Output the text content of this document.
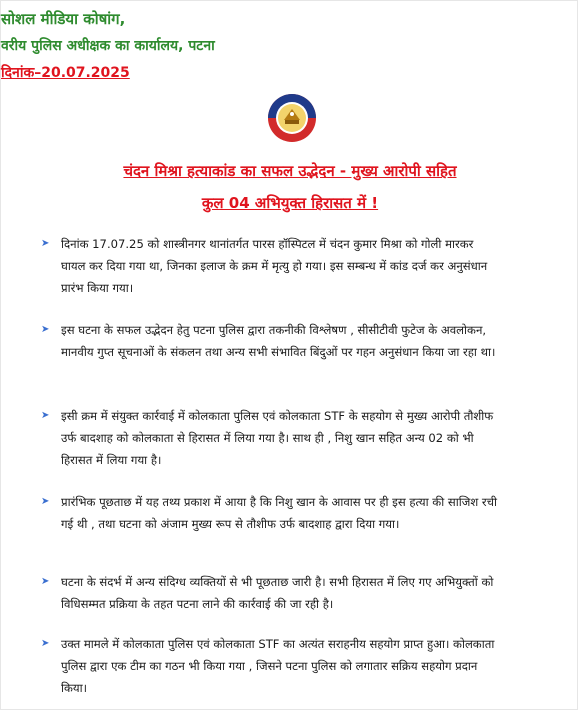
सोशल मीडिया कोषांग,
वरीय पुलिस अधीक्षक का कार्यालय, पटना
दिनांक–20.07.2025
चंदन मिश्रा हत्याकांड का सफल उद्भेदन - मुख्य आरोपी सहित
कुल 04 अभियुक्त हिरासत में !
➤ दिनांक 17.07.25 को शास्त्रीनगर थानांतर्गत पारस हॉस्पिटल में चंदन कुमार मिश्रा को गोली मारकर घायल कर दिया गया था, जिनका इलाज के क्रम में मृत्यु हो गया। इस सम्बन्ध में कांड दर्ज कर अनुसंधान प्रारंभ किया गया।
➤ इस घटना के सफल उद्भेदन हेतु पटना पुलिस द्वारा तकनीकी विश्लेषण , सीसीटीवी फुटेज के अवलोकन, मानवीय गुप्त सूचनाओं के संकलन तथा अन्य सभी संभावित बिंदुओं पर गहन अनुसंधान किया जा रहा था।
➤ इसी क्रम में संयुक्त कार्रवाई में कोलकाता पुलिस एवं कोलकाता STF के सहयोग से मुख्य आरोपी तौशीफ उर्फ बादशाह को कोलकाता से हिरासत में लिया गया है। साथ ही , निशु खान सहित अन्य 02 को भी हिरासत में लिया गया है।
➤ प्रारंभिक पूछताछ में यह तथ्य प्रकाश में आया है कि निशु खान के आवास पर ही इस हत्या की साजिश रची गई थी , तथा घटना को अंजाम मुख्य रूप से तौशीफ उर्फ बादशाह द्वारा दिया गया।
➤ घटना के संदर्भ में अन्य संदिग्ध व्यक्तियों से भी पूछताछ जारी है। सभी हिरासत में लिए गए अभियुक्तों को विधिसम्मत प्रक्रिया के तहत पटना लाने की कार्रवाई की जा रही है।
➤ उक्त मामले में कोलकाता पुलिस एवं कोलकाता STF का अत्यंत सराहनीय सहयोग प्राप्त हुआ। कोलकाता पुलिस द्वारा एक टीम का गठन भी किया गया , जिसने पटना पुलिस को लगातार सक्रिय सहयोग प्रदान किया।
